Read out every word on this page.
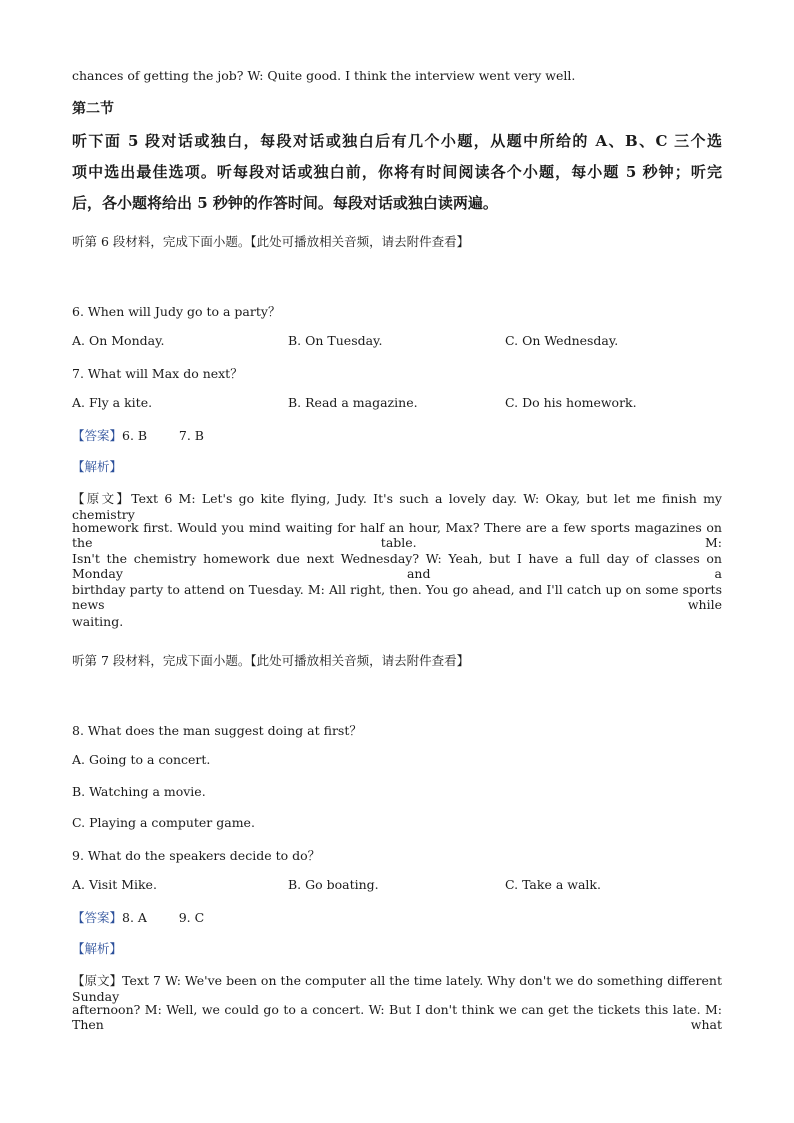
chances of getting the job? W: Quite good. I think the interview went very well.
第二节
听下面 5 段对话或独白，每段对话或独白后有几个小题，从题中所给的 A、B、C 三个选
项中选出最佳选项。听每段对话或独白前，你将有时间阅读各个小题，每小题 5 秒钟；听完
后，各小题将给出 5 秒钟的作答时间。每段对话或独白读两遍。
听第 6 段材料，完成下面小题。【此处可播放相关音频，请去附件查看】
6. When will Judy go to a party？
A. On Monday.	B. On Tuesday.	C. On Wednesday.
7. What will Max do next？
A. Fly a kite.	B. Read a magazine.	C. Do his homework.
【答案】6. B        7. B
【解析】
【原文】Text 6 M: Let's go kite flying, Judy. It's such a lovely day. W: Okay, but let me finish my chemistry
homework first. Would you mind waiting for half an hour, Max? There are a few sports magazines on the table. M:
Isn't the chemistry homework due next Wednesday? W: Yeah, but I have a full day of classes on Monday and a
birthday party to attend on Tuesday. M: All right, then. You go ahead, and I'll catch up on some sports news while
waiting.
听第 7 段材料，完成下面小题。【此处可播放相关音频，请去附件查看】
8. What does the man suggest doing at first？
A. Going to a concert.
B. Watching a movie.
C. Playing a computer game.
9. What do the speakers decide to do？
A. Visit Mike.	B. Go boating.	C. Take a walk.
【答案】8. A        9. C
【解析】
【原文】Text 7 W: We've been on the computer all the time lately. Why don't we do something different Sunday
afternoon? M: Well, we could go to a concert. W: But I don't think we can get the tickets this late. M: Then what
